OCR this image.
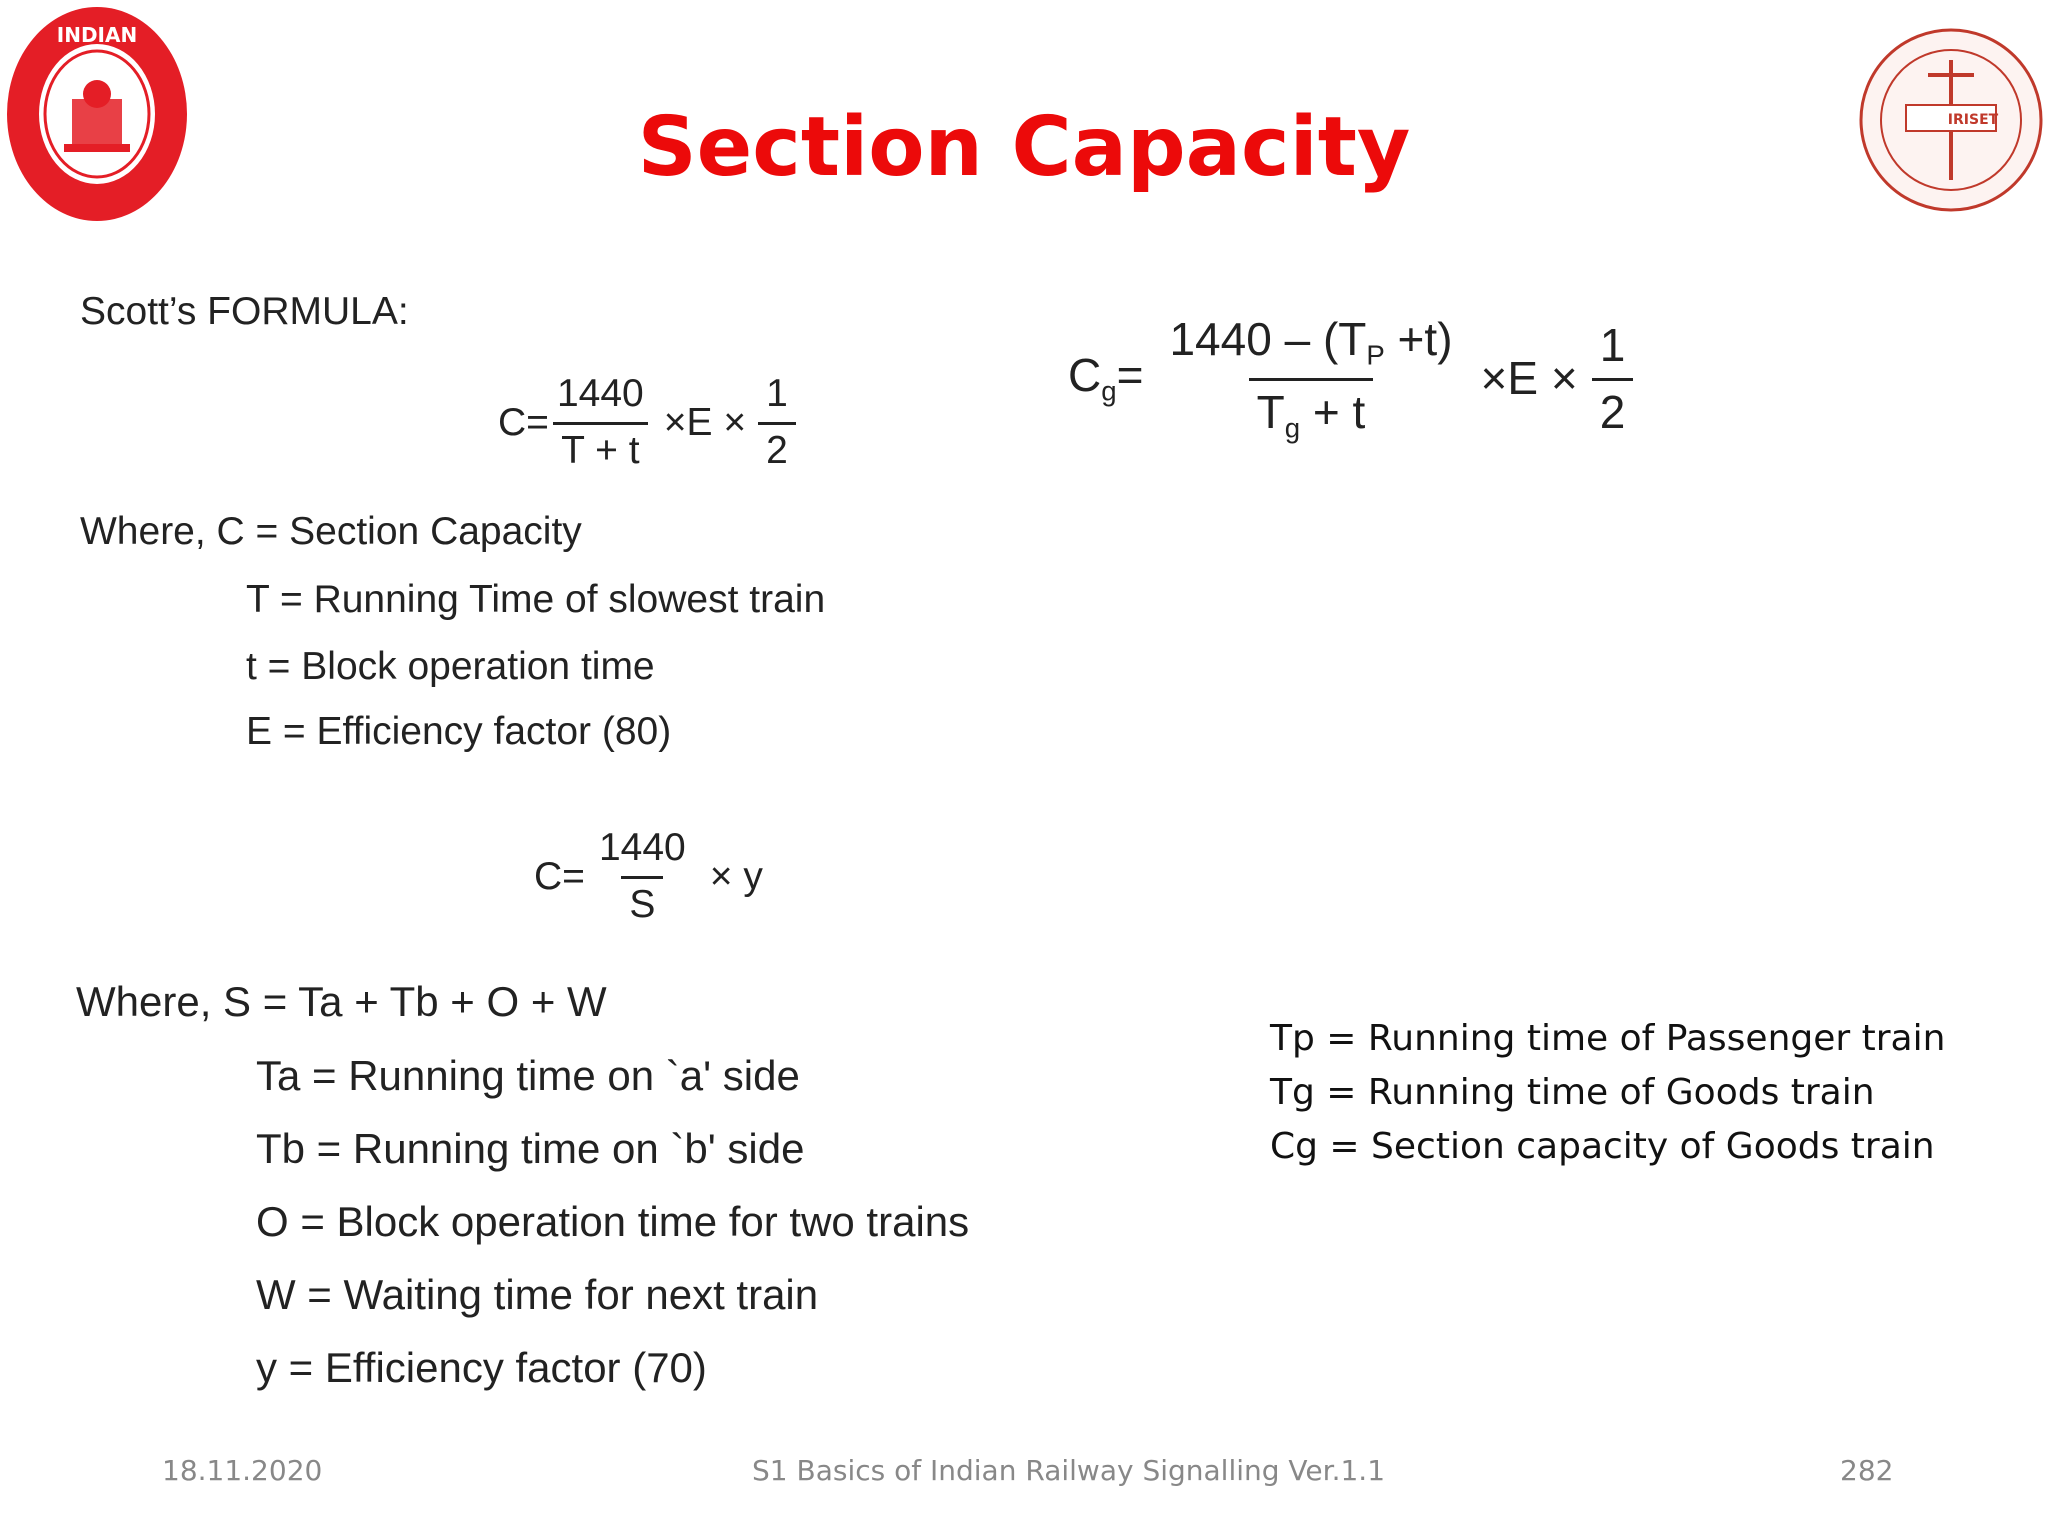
INDIAN
IRISET
Section Capacity
Scott’s FORMULA:
$C= \frac{1440}{T + t} \times E \times \frac{1}{2}$	$C_g= \frac{1440 - (T_P +t)}{T_g + t} \times E \times \frac{1}{2}$
Where, C = Section Capacity
T = Running Time of slowest train
t = Block operation time
E = Efficiency factor (80)
$C= \frac{1440}{S} \times y$
Where, S = Ta + Tb + O + W
Ta = Running time on `a' side
Tb = Running time on `b' side
O = Block operation time for two trains
W = Waiting time for next train
y = Efficiency factor (70)
Tp = Running time of Passenger train
Tg = Running time of Goods train
Cg = Section capacity of Goods train
18.11.2020	S1 Basics of Indian Railway Signalling Ver.1.1	282
